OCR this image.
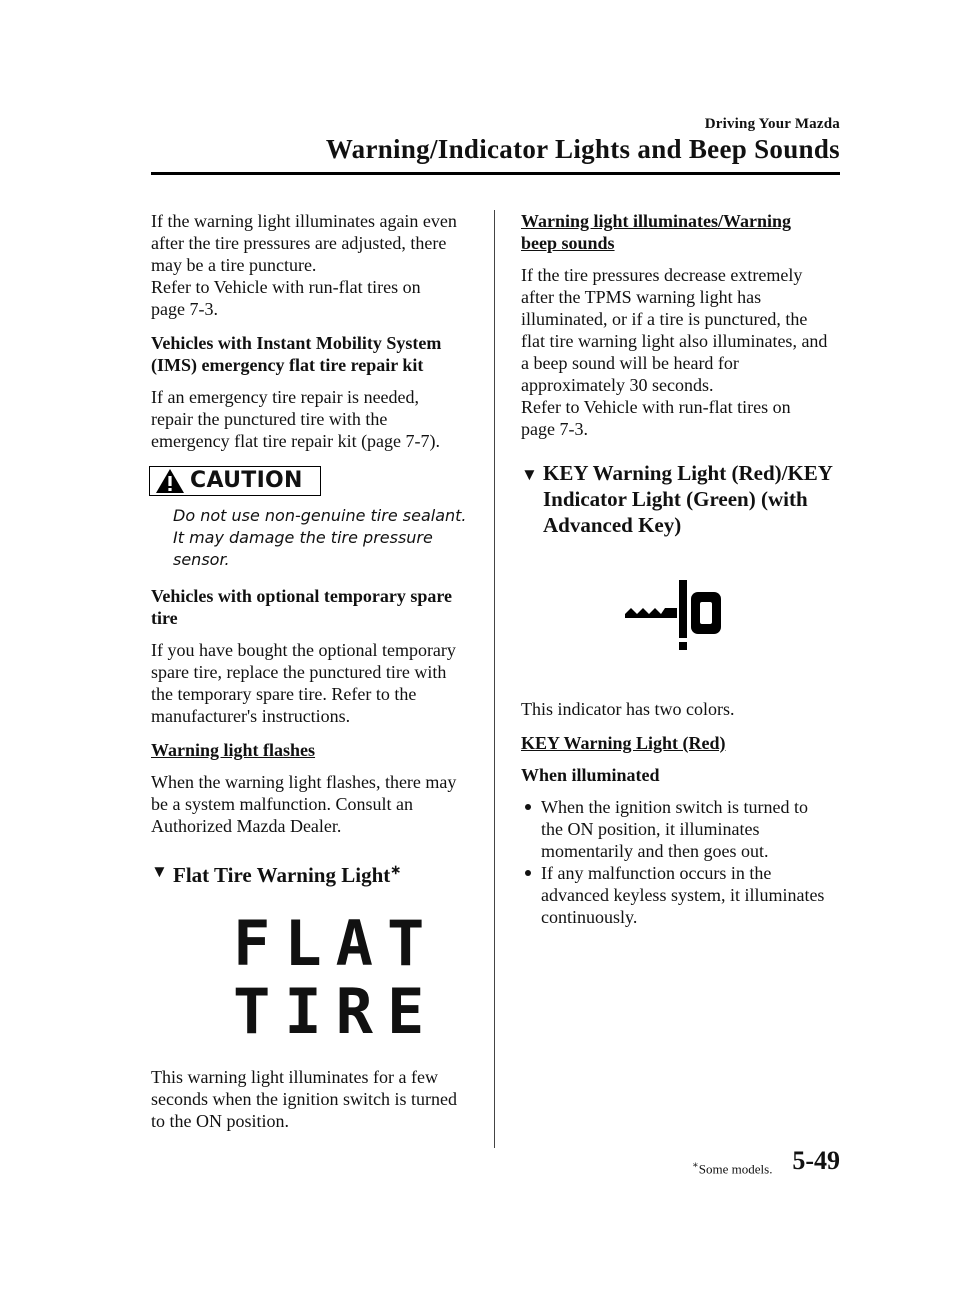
Driving Your Mazda
Warning/Indicator Lights and Beep Sounds

If the warning light illuminates again even
after the tire pressures are adjusted, there
may be a tire puncture.
Refer to Vehicle with run-flat tires on
page 7-3.

Vehicles with Instant Mobility System
(IMS) emergency flat tire repair kit

If an emergency tire repair is needed,
repair the punctured tire with the
emergency flat tire repair kit (page 7-7).

CAUTION
Do not use non-genuine tire sealant.
It may damage the tire pressure
sensor.
Vehicles with optional temporary spare
tire

If you have bought the optional temporary
spare tire, replace the punctured tire with
the temporary spare tire. Refer to the
manufacturer's instructions.

Warning light flashes

When the warning light flashes, there may
be a system malfunction. Consult an
Authorized Mazda Dealer.

▼ Flat Tire Warning Light∗
FLAT
TIRE

This warning light illuminates for a few
seconds when the ignition switch is turned
to the ON position.

Warning light illuminates/Warning
beep sounds

If the tire pressures decrease extremely
after the TPMS warning light has
illuminated, or if a tire is punctured, the
flat tire warning light also illuminates, and
a beep sound will be heard for
approximately 30 seconds.
Refer to Vehicle with run-flat tires on
page 7-3.

▼ KEY Warning Light (Red)/KEY
Indicator Light (Green) (with
Advanced Key)

This indicator has two colors.

KEY Warning Light (Red)
When illuminated
When the ignition switch is turned to
the ON position, it illuminates
momentarily and then goes out.
If any malfunction occurs in the
advanced keyless system, it illuminates
continuously.
∗Some models. 5-49
